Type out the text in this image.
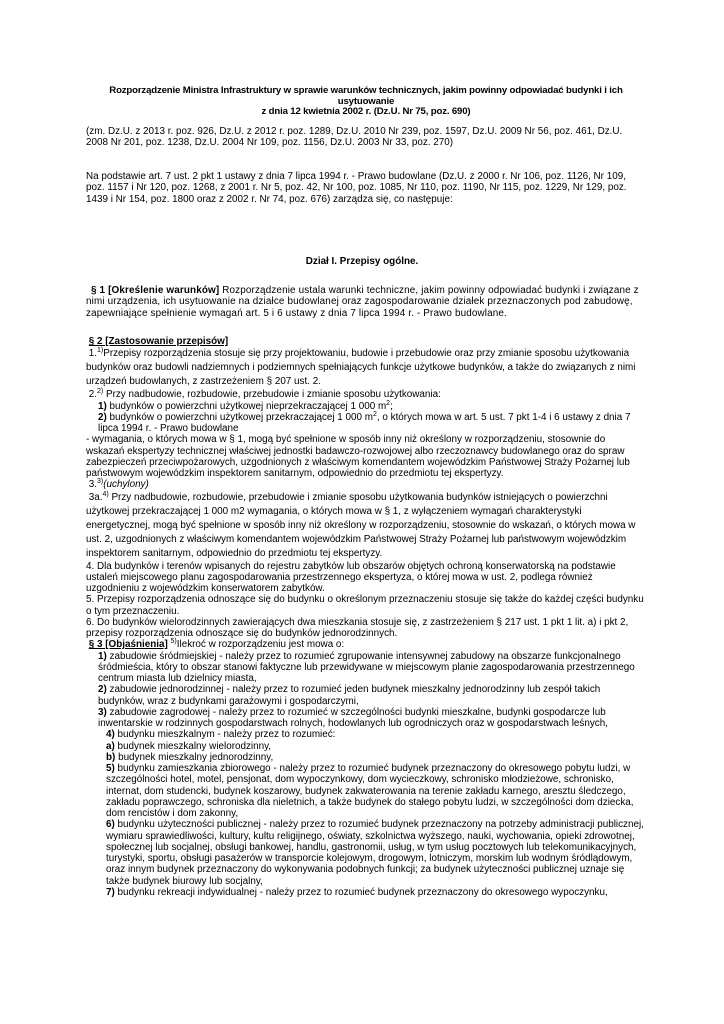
Rozporządzenie Ministra Infrastruktury w sprawie warunków technicznych, jakim powinny odpowiadać budynki i ich usytuowanie
z dnia 12 kwietnia 2002 r. (Dz.U. Nr 75, poz. 690)
(zm. Dz.U. z 2013 r. poz. 926, Dz.U. z 2012 r. poz. 1289, Dz.U. 2010 Nr 239, poz. 1597, Dz.U. 2009 Nr 56, poz. 461, Dz.U. 2008 Nr 201, poz. 1238, Dz.U. 2004 Nr 109, poz. 1156, Dz.U. 2003 Nr 33, poz. 270)
Na podstawie art. 7 ust. 2 pkt 1 ustawy z dnia 7 lipca 1994 r. - Prawo budowlane (Dz.U. z 2000 r. Nr 106, poz. 1126, Nr 109, poz. 1157 i Nr 120, poz. 1268, z 2001 r. Nr 5, poz. 42, Nr 100, poz. 1085, Nr 110, poz. 1190, Nr 115, poz. 1229, Nr 129, poz. 1439 i Nr 154, poz. 1800 oraz z 2002 r. Nr 74, poz. 676) zarządza się, co następuje:
Dział I. Przepisy ogólne.
§ 1 [Określenie warunków] Rozporządzenie ustala warunki techniczne, jakim powinny odpowiadać budynki i związane z nimi urządzenia, ich usytuowanie na działce budowlanej oraz zagospodarowanie działek przeznaczonych pod zabudowę, zapewniające spełnienie wymagań art. 5 i 6 ustawy z dnia 7 lipca 1994 r. - Prawo budowlane.
§ 2 [Zastosowanie przepisów]
1.$^{1)}$Przepisy rozporządzenia stosuje się przy projektowaniu, budowie i przebudowie oraz przy zmianie sposobu użytkowania budynków oraz budowli nadziemnych i podziemnych spełniających funkcje użytkowe budynków, a także do związanych z nimi urządzeń budowlanych, z zastrzeżeniem § 207 ust. 2.
2.$^{2)}$ Przy nadbudowie, rozbudowie, przebudowie i zmianie sposobu użytkowania:
1) budynków o powierzchni użytkowej nieprzekraczającej 1 000 $m^2$;
2) budynków o powierzchni użytkowej przekraczającej 1 000 $m^2$, o których mowa w art. 5 ust. 7 pkt 1-4 i 6 ustawy z dnia 7 lipca 1994 r. - Prawo budowlane
- wymagania, o których mowa w § 1, mogą być spełnione w sposób inny niż określony w rozporządzeniu, stosownie do wskazań ekspertyzy technicznej właściwej jednostki badawczo-rozwojowej albo rzeczoznawcy budowlanego oraz do spraw zabezpieczeń przeciwpożarowych, uzgodnionych z właściwym komendantem wojewódzkim Państwowej Straży Pożarnej lub państwowym wojewódzkim inspektorem sanitarnym, odpowiednio do przedmiotu tej ekspertyzy.
3.$^{3)}$(uchylony)
3a.$^{4)}$ Przy nadbudowie, rozbudowie, przebudowie i zmianie sposobu użytkowania budynków istniejących o powierzchni użytkowej przekraczającej 1 000 m2 wymagania, o których mowa w § 1, z wyłączeniem wymagań charakterystyki energetycznej, mogą być spełnione w sposób inny niż określony w rozporządzeniu, stosownie do wskazań, o których mowa w ust. 2, uzgodnionych z właściwym komendantem wojewódzkim Państwowej Straży Pożarnej lub państwowym wojewódzkim inspektorem sanitarnym, odpowiednio do przedmiotu tej ekspertyzy.
4. Dla budynków i terenów wpisanych do rejestru zabytków lub obszarów objętych ochroną konserwatorską na podstawie ustaleń miejscowego planu zagospodarowania przestrzennego ekspertyza, o której mowa w ust. 2, podlega również uzgodnieniu z wojewódzkim konserwatorem zabytków.
5. Przepisy rozporządzenia odnoszące się do budynku o określonym przeznaczeniu stosuje się także do każdej części budynku o tym przeznaczeniu.
6. Do budynków wielorodzinnych zawierających dwa mieszkania stosuje się, z zastrzeżeniem § 217 ust. 1 pkt 1 lit. a) i pkt 2, przepisy rozporządzenia odnoszące się do budynków jednorodzinnych.
§ 3 [Objaśnienia] $^{5)}$Ilekroć w rozporządzeniu jest mowa o:
1) zabudowie śródmiejskiej - należy przez to rozumieć zgrupowanie intensywnej zabudowy na obszarze funkcjonalnego śródmieścia, który to obszar stanowi faktyczne lub przewidywane w miejscowym planie zagospodarowania przestrzennego centrum miasta lub dzielnicy miasta,
2) zabudowie jednorodzinnej - należy przez to rozumieć jeden budynek mieszkalny jednorodzinny lub zespół takich budynków, wraz z budynkami garażowymi i gospodarczymi,
3) zabudowie zagrodowej - należy przez to rozumieć w szczególności budynki mieszkalne, budynki gospodarcze lub inwentarskie w rodzinnych gospodarstwach rolnych, hodowlanych lub ogrodniczych oraz w gospodarstwach leśnych,
4) budynku mieszkalnym - należy przez to rozumieć:
a) budynek mieszkalny wielorodzinny,
b) budynek mieszkalny jednorodzinny,
5) budynku zamieszkania zbiorowego - należy przez to rozumieć budynek przeznaczony do okresowego pobytu ludzi, w szczególności hotel, motel, pensjonat, dom wypoczynkowy, dom wycieczkowy, schronisko młodzieżowe, schronisko, internat, dom studencki, budynek koszarowy, budynek zakwaterowania na terenie zakładu karnego, aresztu śledczego, zakładu poprawczego, schroniska dla nieletnich, a także budynek do stałego pobytu ludzi, w szczególności dom dziecka, dom rencistów i dom zakonny,
6) budynku użyteczności publicznej - należy przez to rozumieć budynek przeznaczony na potrzeby administracji publicznej, wymiaru sprawiedliwości, kultury, kultu religijnego, oświaty, szkolnictwa wyższego, nauki, wychowania, opieki zdrowotnej, społecznej lub socjalnej, obsługi bankowej, handlu, gastronomii, usług, w tym usług pocztowych lub telekomunikacyjnych, turystyki, sportu, obsługi pasażerów w transporcie kolejowym, drogowym, lotniczym, morskim lub wodnym śródlądowym, oraz innym budynek przeznaczony do wykonywania podobnych funkcji; za budynek użyteczności publicznej uznaje się także budynek biurowy lub socjalny,
7) budynku rekreacji indywidualnej - należy przez to rozumieć budynek przeznaczony do okresowego wypoczynku,
